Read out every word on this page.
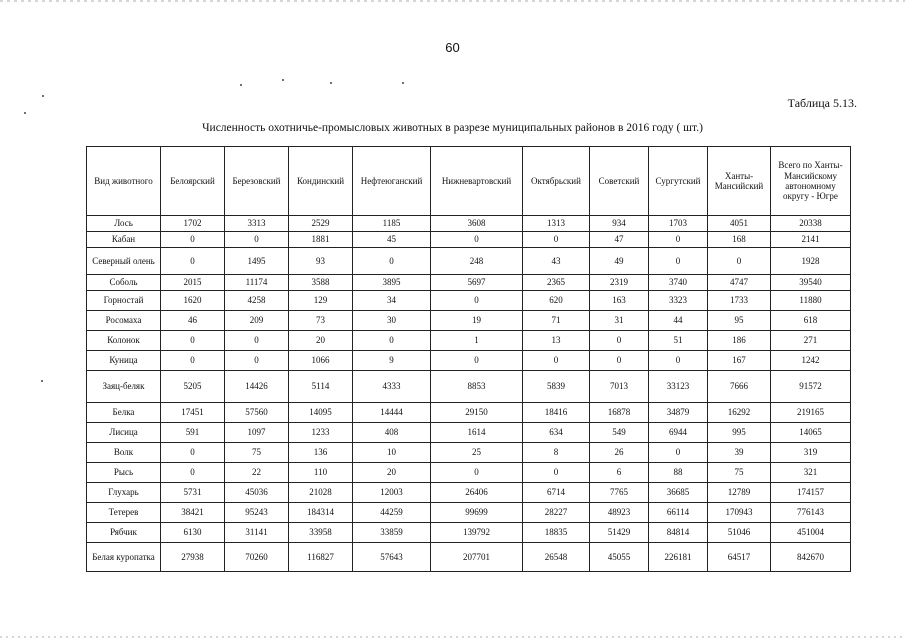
60
Таблица 5.13.
Численность охотничье-промысловых животных в разрезе муниципальных районов в 2016 году ( шт.)
Вид животного	Белоярский	Березовский	Кондинский	Нефтеюганский	Нижневартовский	Октябрьский	Советский	Сургутский	Ханты-Мансийский	Всего по Ханты-Мансийскому автономному округу - Югре
Лось	1702	3313	2529	1185	3608	1313	934	1703	4051	20338
Кабан	0	0	1881	45	0	0	47	0	168	2141
Северный олень	0	1495	93	0	248	43	49	0	0	1928
Соболь	2015	11174	3588	3895	5697	2365	2319	3740	4747	39540
Горностай	1620	4258	129	34	0	620	163	3323	1733	11880
Росомаха	46	209	73	30	19	71	31	44	95	618
Колонок	0	0	20	0	1	13	0	51	186	271
Куница	0	0	1066	9	0	0	0	0	167	1242
Заяц-беляк	5205	14426	5114	4333	8853	5839	7013	33123	7666	91572
Белка	17451	57560	14095	14444	29150	18416	16878	34879	16292	219165
Лисица	591	1097	1233	408	1614	634	549	6944	995	14065
Волк	0	75	136	10	25	8	26	0	39	319
Рысь	0	22	110	20	0	0	6	88	75	321
Глухарь	5731	45036	21028	12003	26406	6714	7765	36685	12789	174157
Тетерев	38421	95243	184314	44259	99699	28227	48923	66114	170943	776143
Рябчик	6130	31141	33958	33859	139792	18835	51429	84814	51046	451004
Белая куропатка	27938	70260	116827	57643	207701	26548	45055	226181	64517	842670
